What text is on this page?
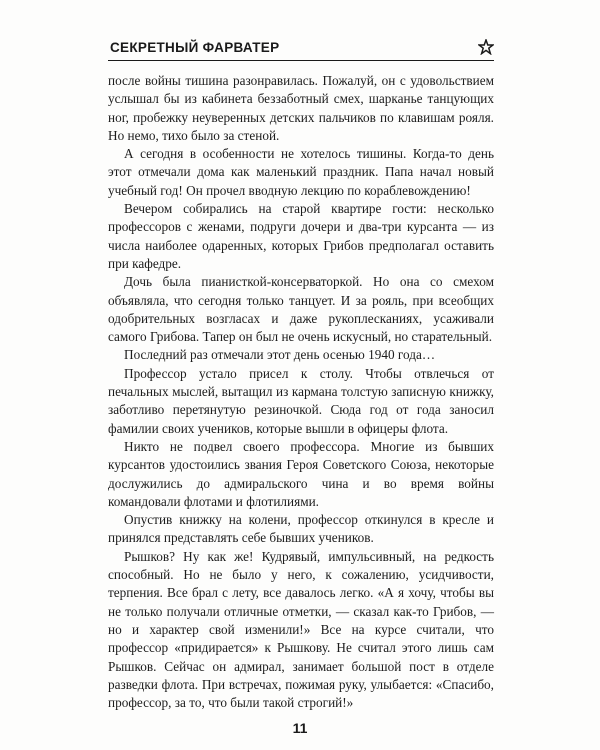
СЕКРЕТНЫЙ ФАРВАТЕР

после войны тишина разонравилась. Пожалуй, он с удовольствием услышал бы из кабинета беззаботный смех, шарканье танцующих ног, пробежку неуверенных детских пальчиков по клавишам рояля. Но немо, тихо было за стеной.

А сегодня в особенности не хотелось тишины. Когда-то день этот отмечали дома как маленький праздник. Папа начал новый учебный год! Он прочел вводную лекцию по кораблевождению!

Вечером собирались на старой квартире гости: несколько профессоров с женами, подруги дочери и два-три курсанта — из числа наиболее одаренных, которых Грибов предполагал оставить при кафедре.

Дочь была пианисткой-консерваторкой. Но она со смехом объявляла, что сегодня только танцует. И за рояль, при всеобщих одобрительных возгласах и даже рукоплесканиях, усаживали самого Грибова. Тапер он был не очень искусный, но старательный.

Последний раз отмечали этот день осенью 1940 года…

Профессор устало присел к столу. Чтобы отвлечься от печальных мыслей, вытащил из кармана толстую записную книжку, заботливо перетянутую резиночкой. Сюда год от года заносил фамилии своих учеников, которые вышли в офицеры флота.

Никто не подвел своего профессора. Многие из бывших курсантов удостоились звания Героя Советского Союза, некоторые дослужились до адмиральского чина и во время войны командовали флотами и флотилиями.

Опустив книжку на колени, профессор откинулся в кресле и принялся представлять себе бывших учеников.

Рышков? Ну как же! Кудрявый, импульсивный, на редкость способный. Но не было у него, к сожалению, усидчивости, терпения. Все брал с лету, все давалось легко. «А я хочу, чтобы вы не только получали отличные отметки, — сказал как-то Грибов, — но и характер свой изменили!» Все на курсе считали, что профессор «придирается» к Рышкову. Не считал этого лишь сам Рышков. Сейчас он адмирал, занимает большой пост в отделе разведки флота. При встречах, пожимая руку, улыбается: «Спасибо, профессор, за то, что были такой строгий!»

11
